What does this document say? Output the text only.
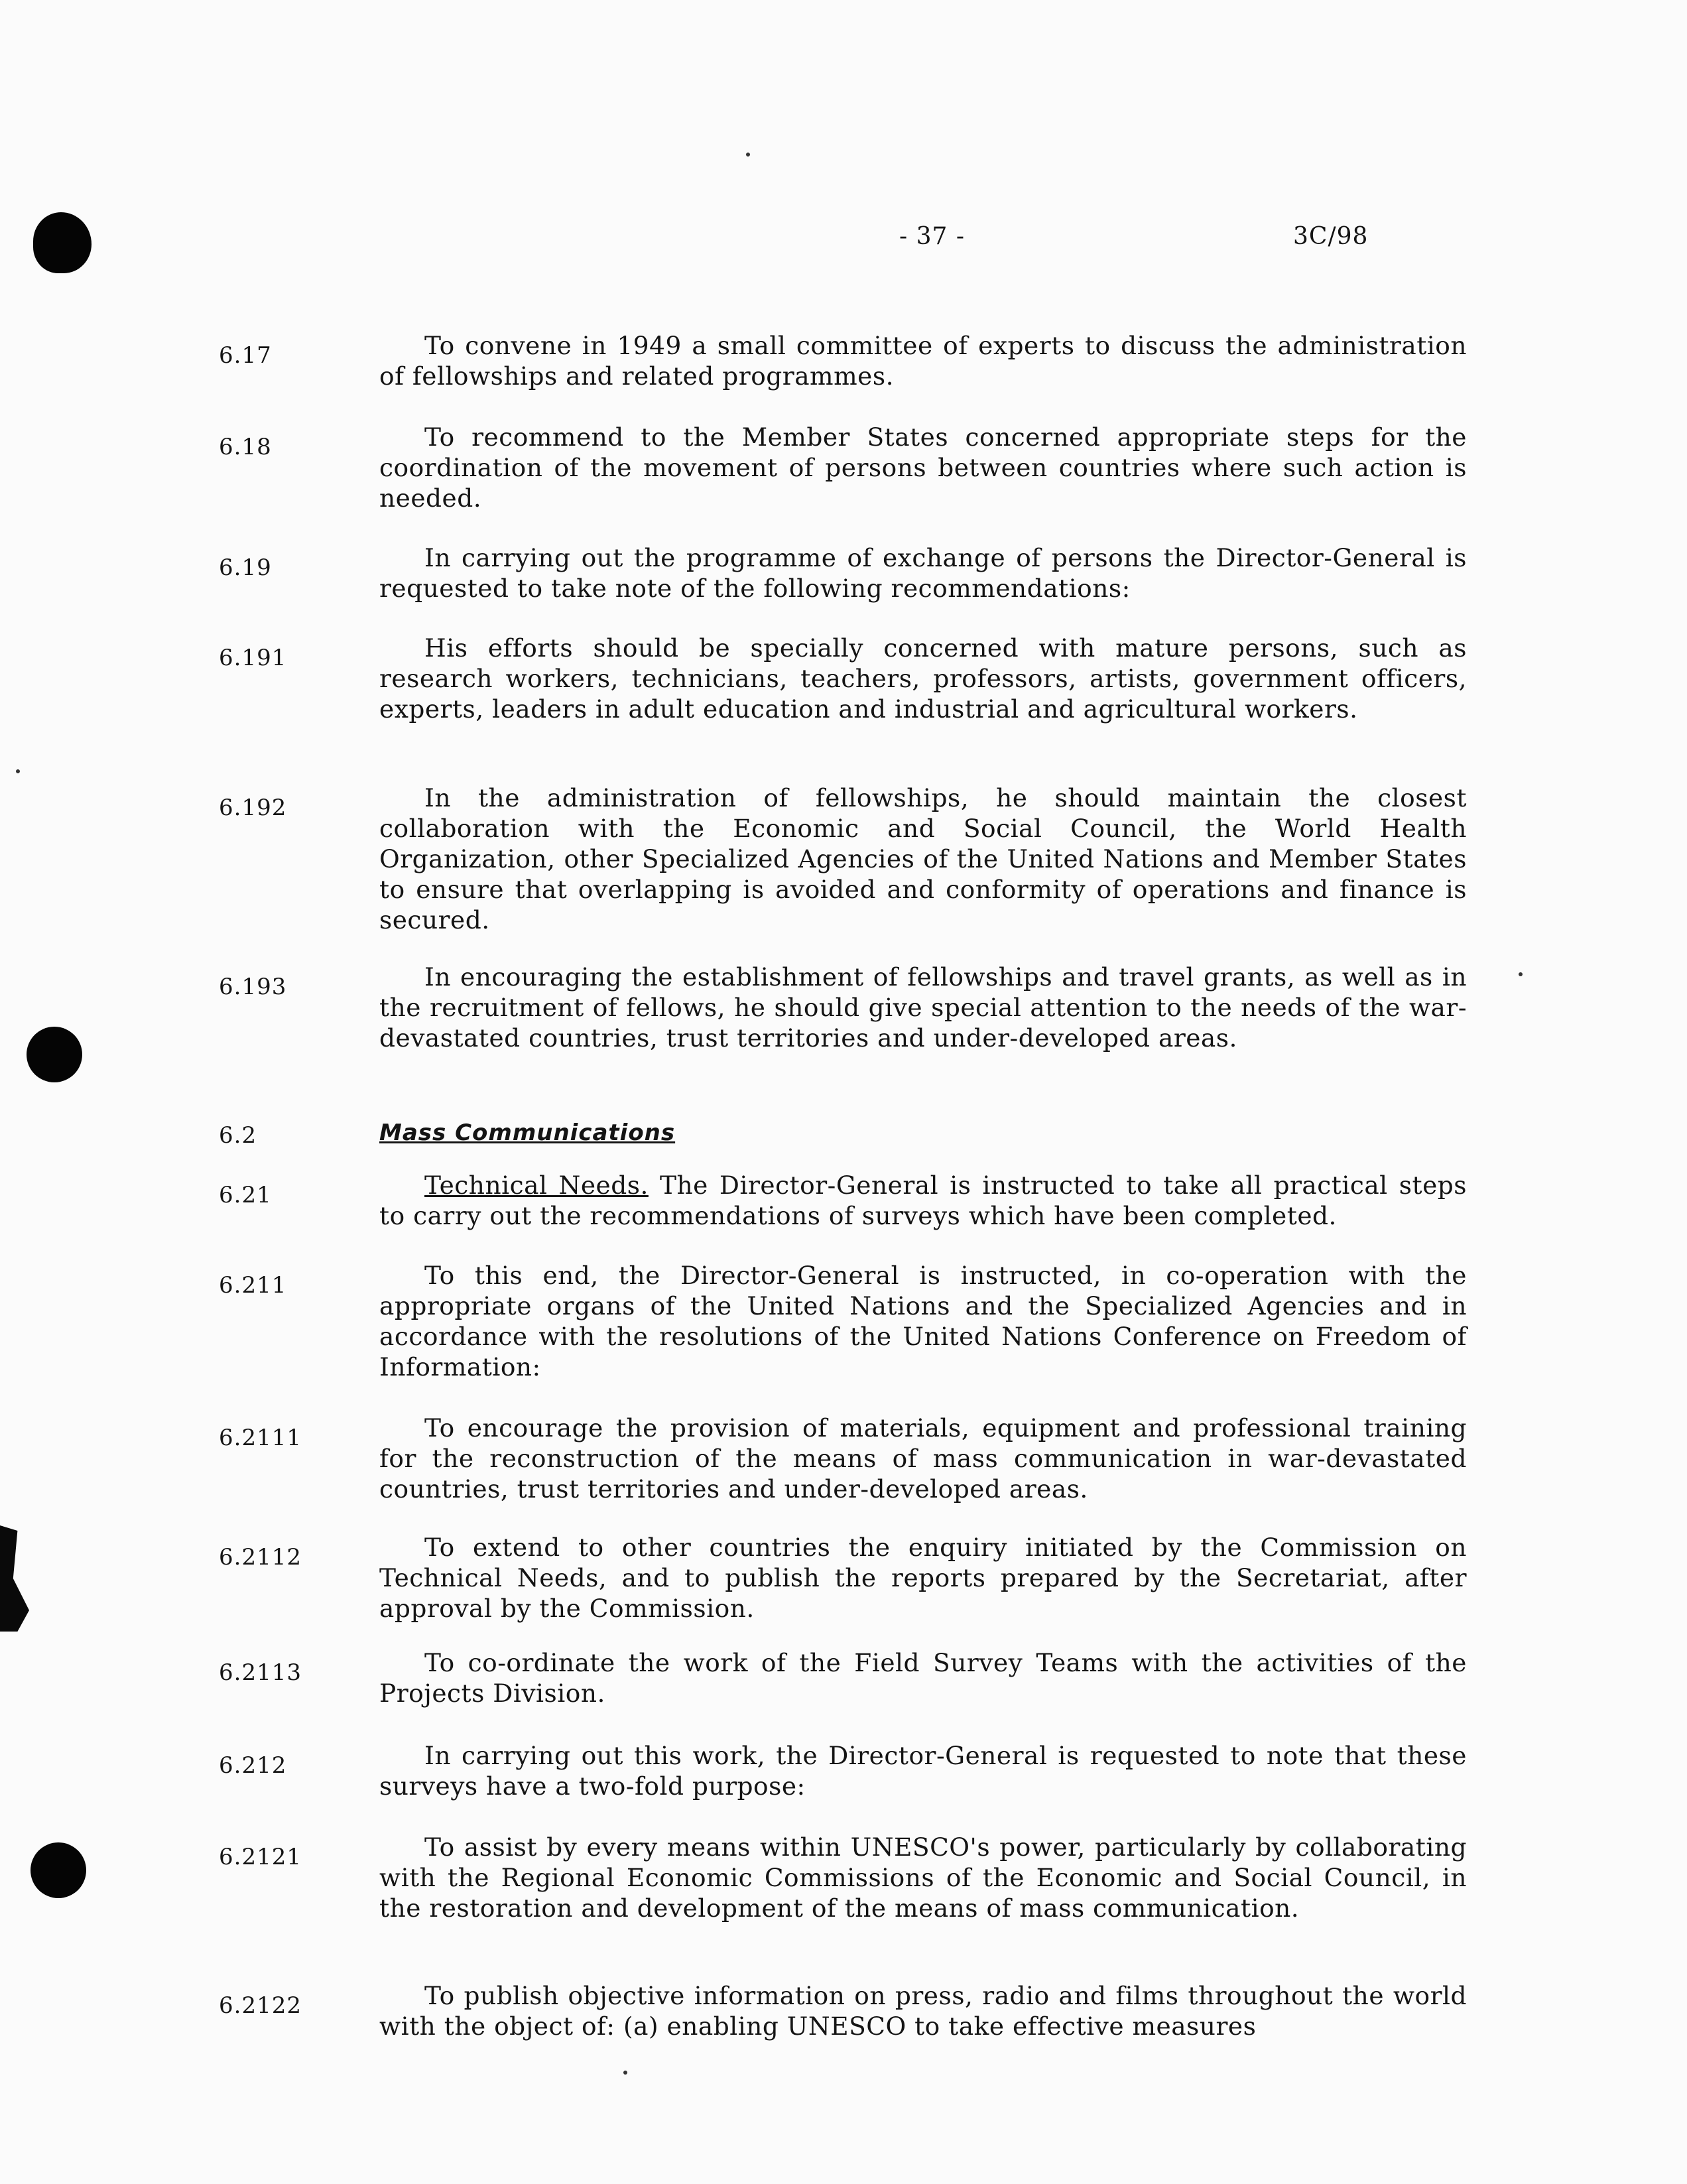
- 37 -	3C/98
6.17	To convene in 1949 a small committee of experts to discuss the administration of fellowships and related programmes.
6.18	To recommend to the Member States concerned appropriate steps for the coordination of the movement of persons between countries where such action is needed.
6.19	In carrying out the programme of exchange of persons the Director-General is requested to take note of the following recommendations:
6.191	His efforts should be specially concerned with mature persons, such as research workers, technicians, teachers, professors, artists, government officers, experts, leaders in adult education and industrial and agricultural workers.
6.192	In the administration of fellowships, he should maintain the closest collaboration with the Economic and Social Council, the World Health Organization, other Specialized Agencies of the United Nations and Member States to ensure that overlapping is avoided and conformity of operations and finance is secured.
6.193	In encouraging the establishment of fellowships and travel grants, as well as in the recruitment of fellows, he should give special attention to the needs of the war-devastated countries, trust territories and under-developed areas.
6.2	Mass Communications
6.21	Technical Needs. The Director-General is instructed to take all practical steps to carry out the recommendations of surveys which have been completed.
6.211	To this end, the Director-General is instructed, in co-operation with the appropriate organs of the United Nations and the Specialized Agencies and in accordance with the resolutions of the United Nations Conference on Freedom of Information:
6.2111	To encourage the provision of materials, equipment and professional training for the reconstruction of the means of mass communication in war-devastated countries, trust territories and under-developed areas.
6.2112	To extend to other countries the enquiry initiated by the Commission on Technical Needs, and to publish the reports prepared by the Secretariat, after approval by the Commission.
6.2113	To co-ordinate the work of the Field Survey Teams with the activities of the Projects Division.
6.212	In carrying out this work, the Director-General is requested to note that these surveys have a two-fold purpose:
6.2121	To assist by every means within UNESCO's power, particularly by collaborating with the Regional Economic Commissions of the Economic and Social Council, in the restoration and development of the means of mass communication.
6.2122	To publish objective information on press, radio and films throughout the world with the object of: (a) enabling UNESCO to take effective measures
